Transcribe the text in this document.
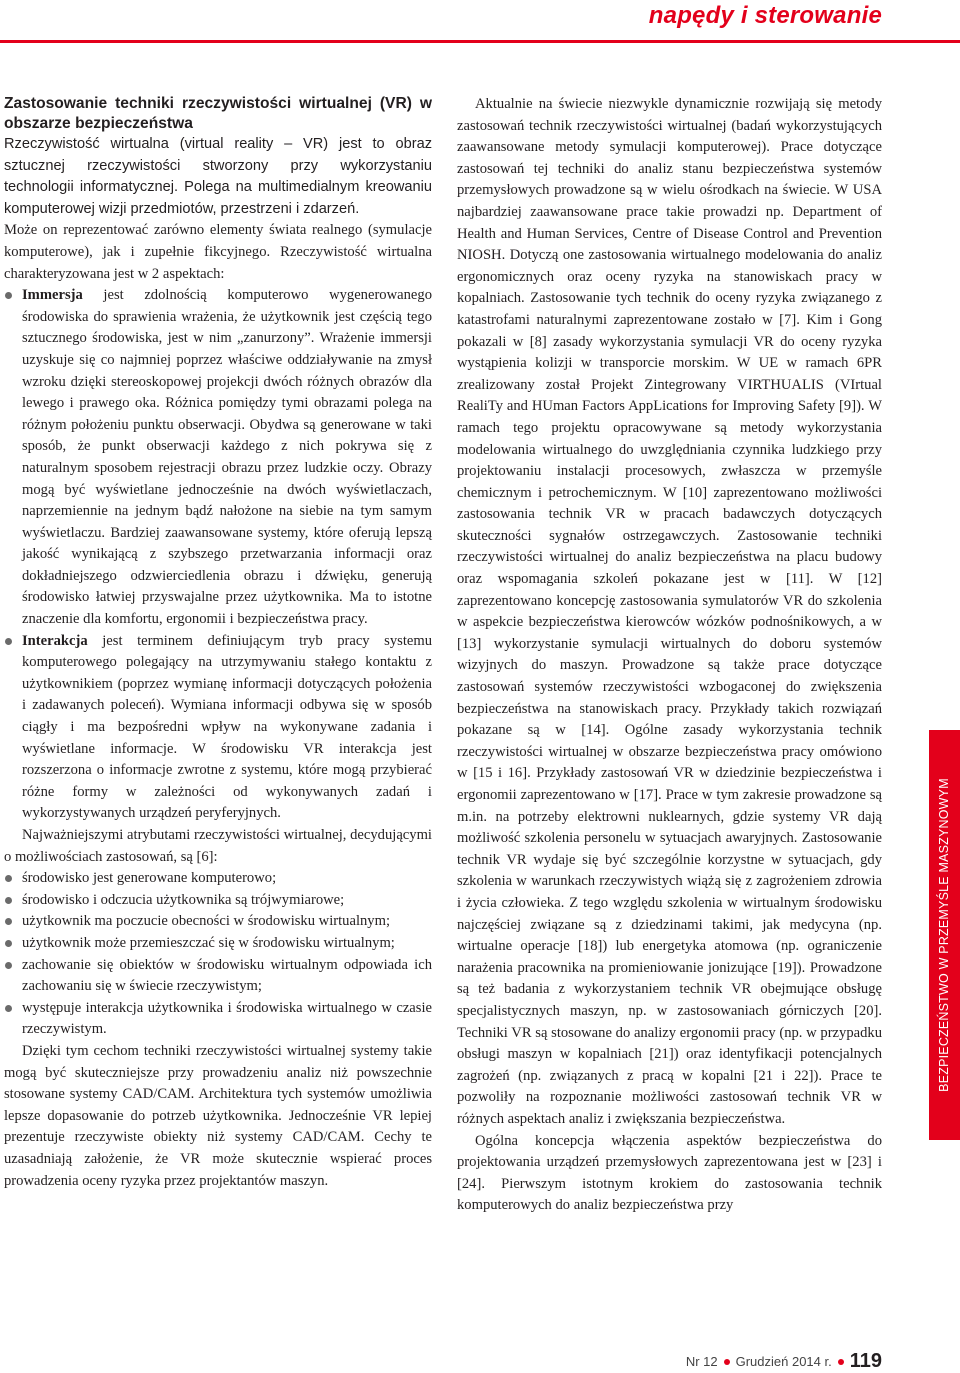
napędy i sterowanie
Zastosowanie techniki rzeczywistości wirtualnej (VR) w obszarze bezpieczeństwa

Rzeczywistość wirtualna (virtual reality – VR) jest to obraz sztucznej rzeczywistości stworzony przy wykorzystaniu technologii informatycznej. Polega na multimedialnym kreowaniu komputerowej wizji przedmiotów, przestrzeni i zdarzeń.

Może on reprezentować zarówno elementy świata realnego (symulacje komputerowe), jak i zupełnie fikcyjnego. Rzeczywistość wirtualna charakteryzowana jest w 2 aspektach:

Immersja jest zdolnością komputerowo wygenerowanego środowiska do sprawienia wrażenia, że użytkownik jest częścią tego sztucznego środowiska, jest w nim „zanurzony”. Wrażenie immersji uzyskuje się co najmniej poprzez właściwe oddziaływanie na zmysł wzroku dzięki stereoskopowej projekcji dwóch różnych obrazów dla lewego i prawego oka. Różnica pomiędzy tymi obrazami polega na różnym położeniu punktu obserwacji. Obydwa są generowane w taki sposób, że punkt obserwacji każdego z nich pokrywa się z naturalnym sposobem rejestracji obrazu przez ludzkie oczy. Obrazy mogą być wyświetlane jednocześnie na dwóch wyświetlaczach, naprzemiennie na jednym bądź nałożone na siebie na tym samym wyświetlaczu. Bardziej zaawansowane systemy, które oferują lepszą jakość wynikającą z szybszego przetwarzania informacji oraz dokładniejszego odzwierciedlenia obrazu i dźwięku, generują środowisko łatwiej przyswajalne przez użytkownika. Ma to istotne znaczenie dla komfortu, ergonomii i bezpieczeństwa pracy.

Interakcja jest terminem definiującym tryb pracy systemu komputerowego polegający na utrzymywaniu stałego kontaktu z użytkownikiem (poprzez wymianę informacji dotyczących położenia i zadawanych poleceń). Wymiana informacji odbywa się w sposób ciągły i ma bezpośredni wpływ na wykonywane zadania i wyświetlane informacje. W środowisku VR interakcja jest rozszerzona o informacje zwrotne z systemu, które mogą przybierać różne formy w zależności od wykonywanych zadań i wykorzystywanych urządzeń peryferyjnych.

Najważniejszymi atrybutami rzeczywistości wirtualnej, decydującymi o możliwościach zastosowań, są [6]:

środowisko jest generowane komputerowo;

środowisko i odczucia użytkownika są trójwymiarowe;

użytkownik ma poczucie obecności w środowisku wirtualnym;

użytkownik może przemieszczać się w środowisku wirtualnym;

zachowanie się obiektów w środowisku wirtualnym odpowiada ich zachowaniu się w świecie rzeczywistym;

występuje interakcja użytkownika i środowiska wirtualnego w czasie rzeczywistym.

Dzięki tym cechom techniki rzeczywistości wirtualnej systemy takie mogą być skuteczniejsze przy prowadzeniu analiz niż powszechnie stosowane systemy CAD/CAM. Architektura tych systemów umożliwia lepsze dopasowanie do potrzeb użytkownika. Jednocześnie VR lepiej prezentuje rzeczywiste obiekty niż systemy CAD/CAM. Cechy te uzasadniają założenie, że VR może skutecznie wspierać proces prowadzenia oceny ryzyka przez projektantów maszyn.

Aktualnie na świecie niezwykle dynamicznie rozwijają się metody zastosowań technik rzeczywistości wirtualnej (badań wykorzystujących zaawansowane metody symulacji komputerowej). Prace dotyczące zastosowań tej techniki do analiz stanu bezpieczeństwa systemów przemysłowych prowadzone są w wielu ośrodkach na świecie. W USA najbardziej zaawansowane prace takie prowadzi np. Department of Health and Human Services, Centre of Disease Control and Prevention NIOSH. Dotyczą one zastosowania wirtualnego modelowania do analiz ergonomicznych oraz oceny ryzyka na stanowiskach pracy w kopalniach. Zastosowanie tych technik do oceny ryzyka związanego z katastrofami naturalnymi zaprezentowane zostało w [7]. Kim i Gong pokazali w [8] zasady wykorzystania symulacji VR do oceny ryzyka wystąpienia kolizji w transporcie morskim. W UE w ramach 6PR zrealizowany został Projekt Zintegrowany VIRTHUALIS (VIrtual RealiTy and HUman Factors AppLications for Improving Safety [9]). W ramach tego projektu opracowywane są metody wykorzystania modelowania wirtualnego do uwzględniania czynnika ludzkiego przy projektowaniu instalacji procesowych, zwłaszcza w przemyśle chemicznym i petrochemicznym. W [10] zaprezentowano możliwości zastosowania technik VR w pracach badawczych dotyczących skuteczności sygnałów ostrzegawczych. Zastosowanie techniki rzeczywistości wirtualnej do analiz bezpieczeństwa na placu budowy oraz wspomagania szkoleń pokazane jest w [11]. W [12] zaprezentowano koncepcję zastosowania symulatorów VR do szkolenia w aspekcie bezpieczeństwa kierowców wózków podnośnikowych, a w [13] wykorzystanie symulacji wirtualnych do doboru systemów wizyjnych do maszyn. Prowadzone są także prace dotyczące zastosowań systemów rzeczywistości wzbogaconej do zwiększenia bezpieczeństwa na stanowiskach pracy. Przykłady takich rozwiązań pokazane są w [14]. Ogólne zasady wykorzystania technik rzeczywistości wirtualnej w obszarze bezpieczeństwa pracy omówiono w [15 i 16]. Przykłady zastosowań VR w dziedzinie bezpieczeństwa i ergonomii zaprezentowano w [17]. Prace w tym zakresie prowadzone są m.in. na potrzeby elektrowni nuklearnych, gdzie systemy VR dają możliwość szkolenia personelu w sytuacjach awaryjnych. Zastosowanie technik VR wydaje się być szczególnie korzystne w sytuacjach, gdy szkolenia w warunkach rzeczywistych wiążą się z zagrożeniem zdrowia i życia człowieka. Z tego względu szkolenia w wirtualnym środowisku najczęściej związane są z dziedzinami takimi, jak medycyna (np. wirtualne operacje [18]) lub energetyka atomowa (np. ograniczenie narażenia pracownika na promieniowanie jonizujące [19]). Prowadzone są też badania z wykorzystaniem technik VR obejmujące obsługę specjalistycznych maszyn, np. w zastosowaniach górniczych [20]. Techniki VR są stosowane do analizy ergonomii pracy (np. w przypadku obsługi maszyn w kopalniach [21]) oraz identyfikacji potencjalnych zagrożeń (np. związanych z pracą w kopalni [21 i 22]). Prace te pozwoliły na rozpoznanie możliwości zastosowań technik VR w różnych aspektach analiz i zwiększania bezpieczeństwa.

Ogólna koncepcja włączenia aspektów bezpieczeństwa do projektowania urządzeń przemysłowych zaprezentowana jest w [23] i [24]. Pierwszym istotnym krokiem do zastosowania technik komputerowych do analiz bezpieczeństwa przy

BEZPIECZEŃSTWO W PRZEMYŚLE MASZYNOWYM
Nr 12 Grudzień 2014 r. 119
